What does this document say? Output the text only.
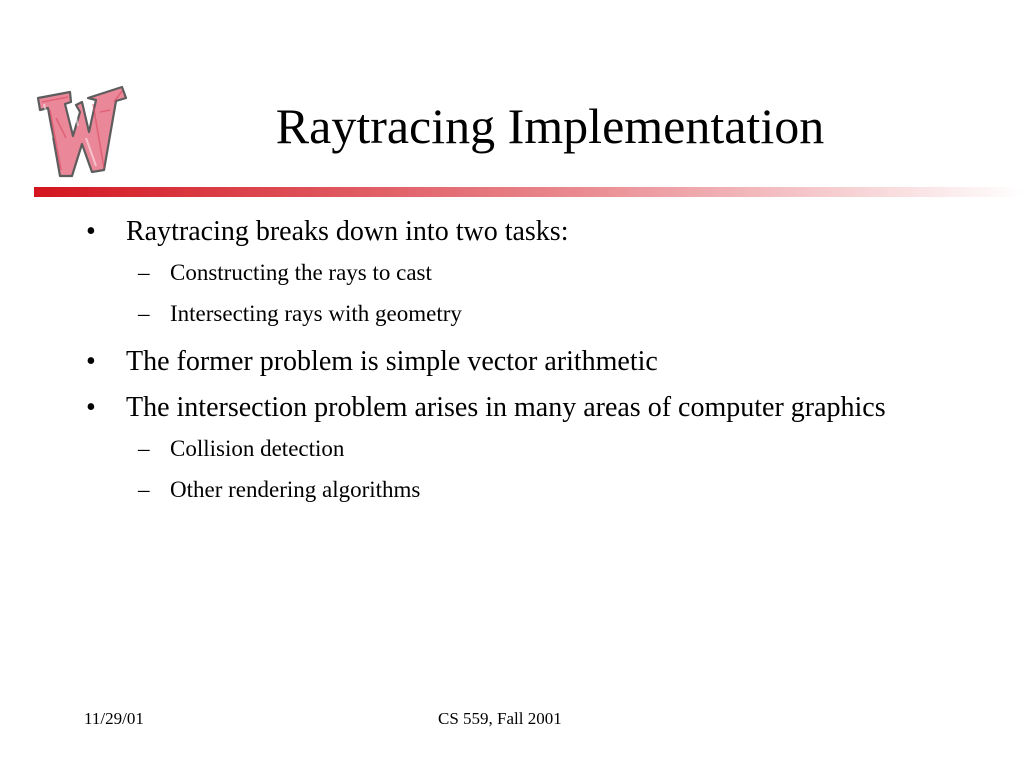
Raytracing Implementation
• Raytracing breaks down into two tasks:
– Constructing the rays to cast
– Intersecting rays with geometry
• The former problem is simple vector arithmetic
• The intersection problem arises in many areas of computer graphics
– Collision detection
– Other rendering algorithms
11/29/01	CS 559, Fall 2001
